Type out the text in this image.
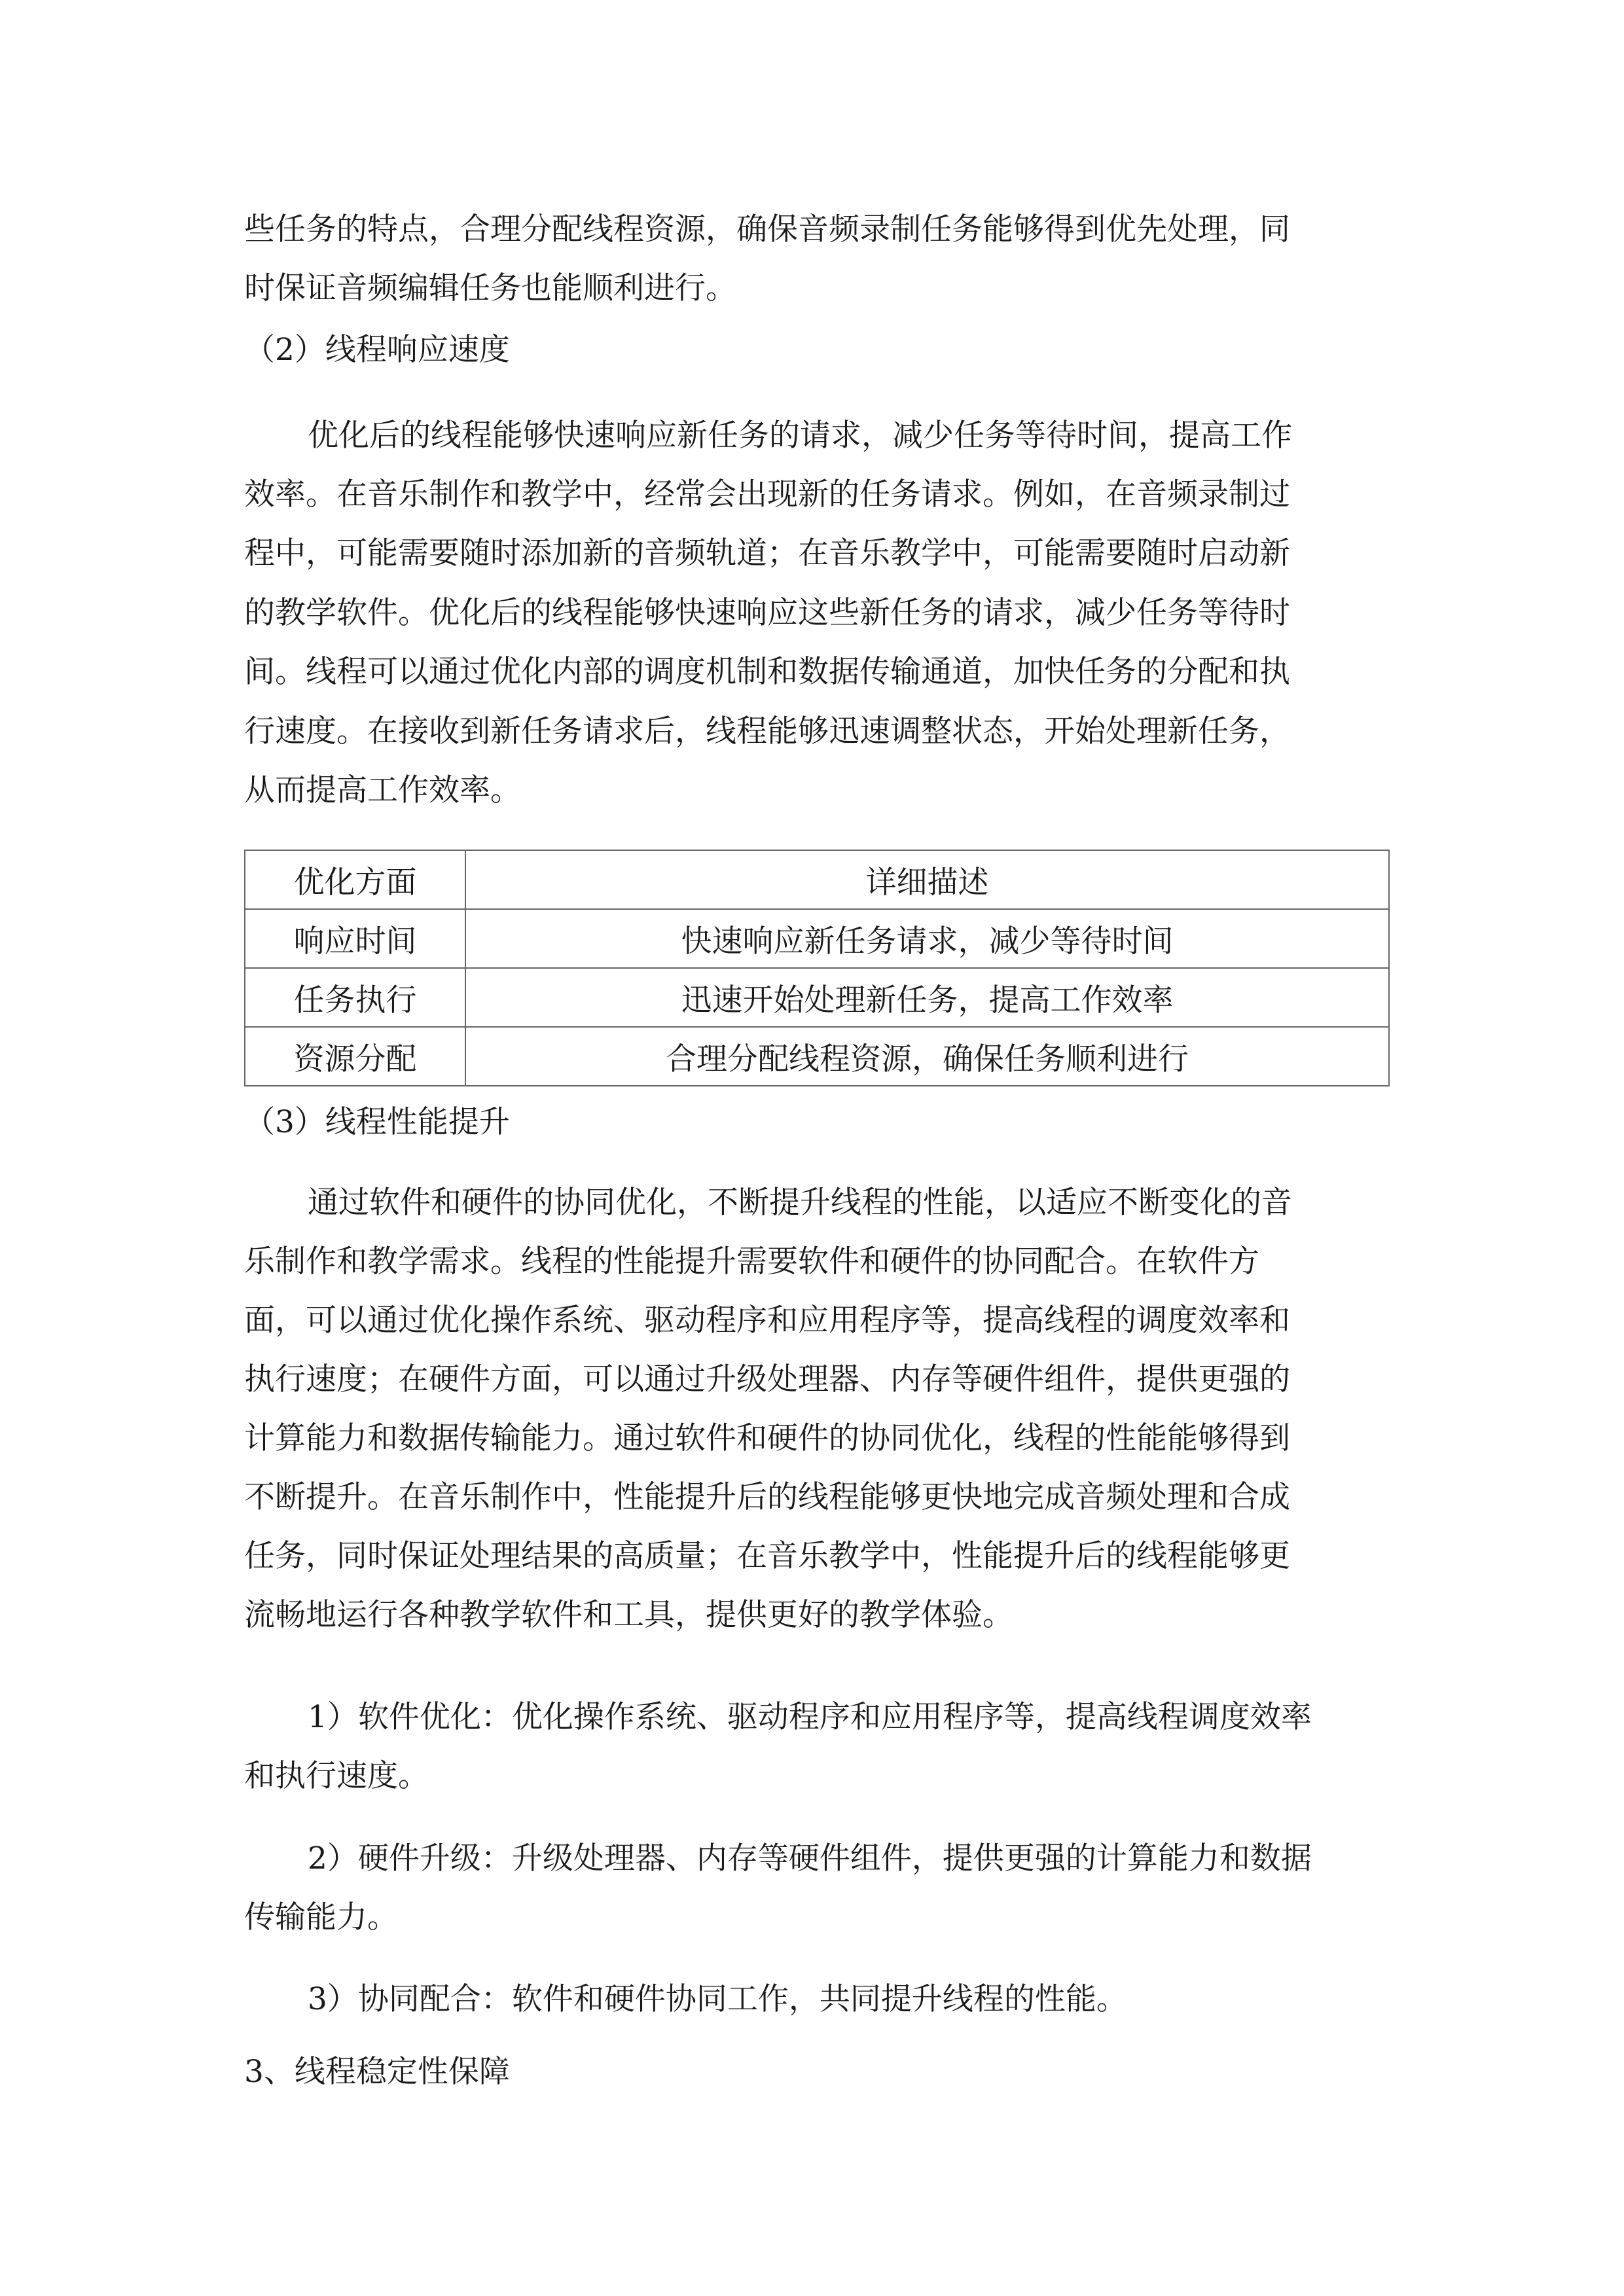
些任务的特点，合理分配线程资源，确保音频录制任务能够得到优先处理，同
时保证音频编辑任务也能顺利进行。
（2）线程响应速度
优化后的线程能够快速响应新任务的请求，减少任务等待时间，提高工作
效率。在音乐制作和教学中，经常会出现新的任务请求。例如，在音频录制过
程中，可能需要随时添加新的音频轨道；在音乐教学中，可能需要随时启动新
的教学软件。优化后的线程能够快速响应这些新任务的请求，减少任务等待时
间。线程可以通过优化内部的调度机制和数据传输通道，加快任务的分配和执
行速度。在接收到新任务请求后，线程能够迅速调整状态，开始处理新任务，
从而提高工作效率。
优化方面	详细描述
响应时间	快速响应新任务请求，减少等待时间
任务执行	迅速开始处理新任务，提高工作效率
资源分配	合理分配线程资源，确保任务顺利进行
（3）线程性能提升
通过软件和硬件的协同优化，不断提升线程的性能，以适应不断变化的音
乐制作和教学需求。线程的性能提升需要软件和硬件的协同配合。在软件方
面，可以通过优化操作系统、驱动程序和应用程序等，提高线程的调度效率和
执行速度；在硬件方面，可以通过升级处理器、内存等硬件组件，提供更强的
计算能力和数据传输能力。通过软件和硬件的协同优化，线程的性能能够得到
不断提升。在音乐制作中，性能提升后的线程能够更快地完成音频处理和合成
任务，同时保证处理结果的高质量；在音乐教学中，性能提升后的线程能够更
流畅地运行各种教学软件和工具，提供更好的教学体验。
1）软件优化：优化操作系统、驱动程序和应用程序等，提高线程调度效率
和执行速度。
2）硬件升级：升级处理器、内存等硬件组件，提供更强的计算能力和数据
传输能力。
3）协同配合：软件和硬件协同工作，共同提升线程的性能。
3、线程稳定性保障
